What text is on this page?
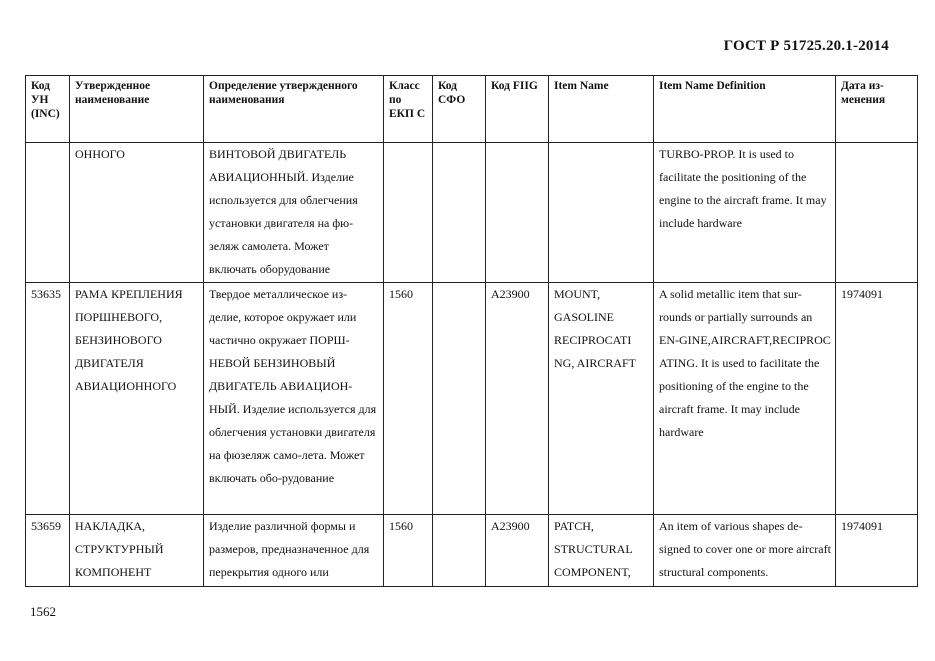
ГОСТ Р 51725.20.1-2014
Код УН (INC)	Утвержденное наименование	Определение утвержденного наименования	Класс по ЕКП С	Код СФО	Код FIIG	Item Name	Item Name Definition	Дата из-менения
	ОННОГО	ВИНТОВОЙ ДВИГАТЕЛЬ АВИАЦИОННЫЙ. Изделие используется для облегчения установки двигателя на фю-зеляж самолета. Может включать оборудование					TURBO-PROP. It is used to facilitate the positioning of the engine to the aircraft frame. It may include hardware	
53635	РАМА КРЕПЛЕНИЯ ПОРШНЕВОГО, БЕНЗИНОВОГО ДВИГАТЕЛЯ АВИАЦИОННОГО	Твердое металлическое из-делие, которое окружает или частично окружает ПОРШ-НЕВОЙ БЕНЗИНОВЫЙ ДВИГАТЕЛЬ АВИАЦИОН-НЫЙ. Изделие используется для облегчения установки двигателя на фюзеляж само-лета. Может включать обо-рудование	1560		A23900	MOUNT, GASOLINE RECIPROCATI NG, AIRCRAFT	A solid metallic item that sur-rounds or partially surrounds an EN-GINE,AIRCRAFT,RECIPROC ATING. It is used to facilitate the positioning of the engine to the aircraft frame. It may include hardware	1974091
53659	НАКЛАДКА, СТРУКТУРНЫЙ КОМПОНЕНТ	Изделие различной формы и размеров, предназначенное для перекрытия одного или	1560		A23900	PATCH, STRUCTURAL COMPONENT,	An item of various shapes de-signed to cover one or more aircraft structural components.	1974091
1562
